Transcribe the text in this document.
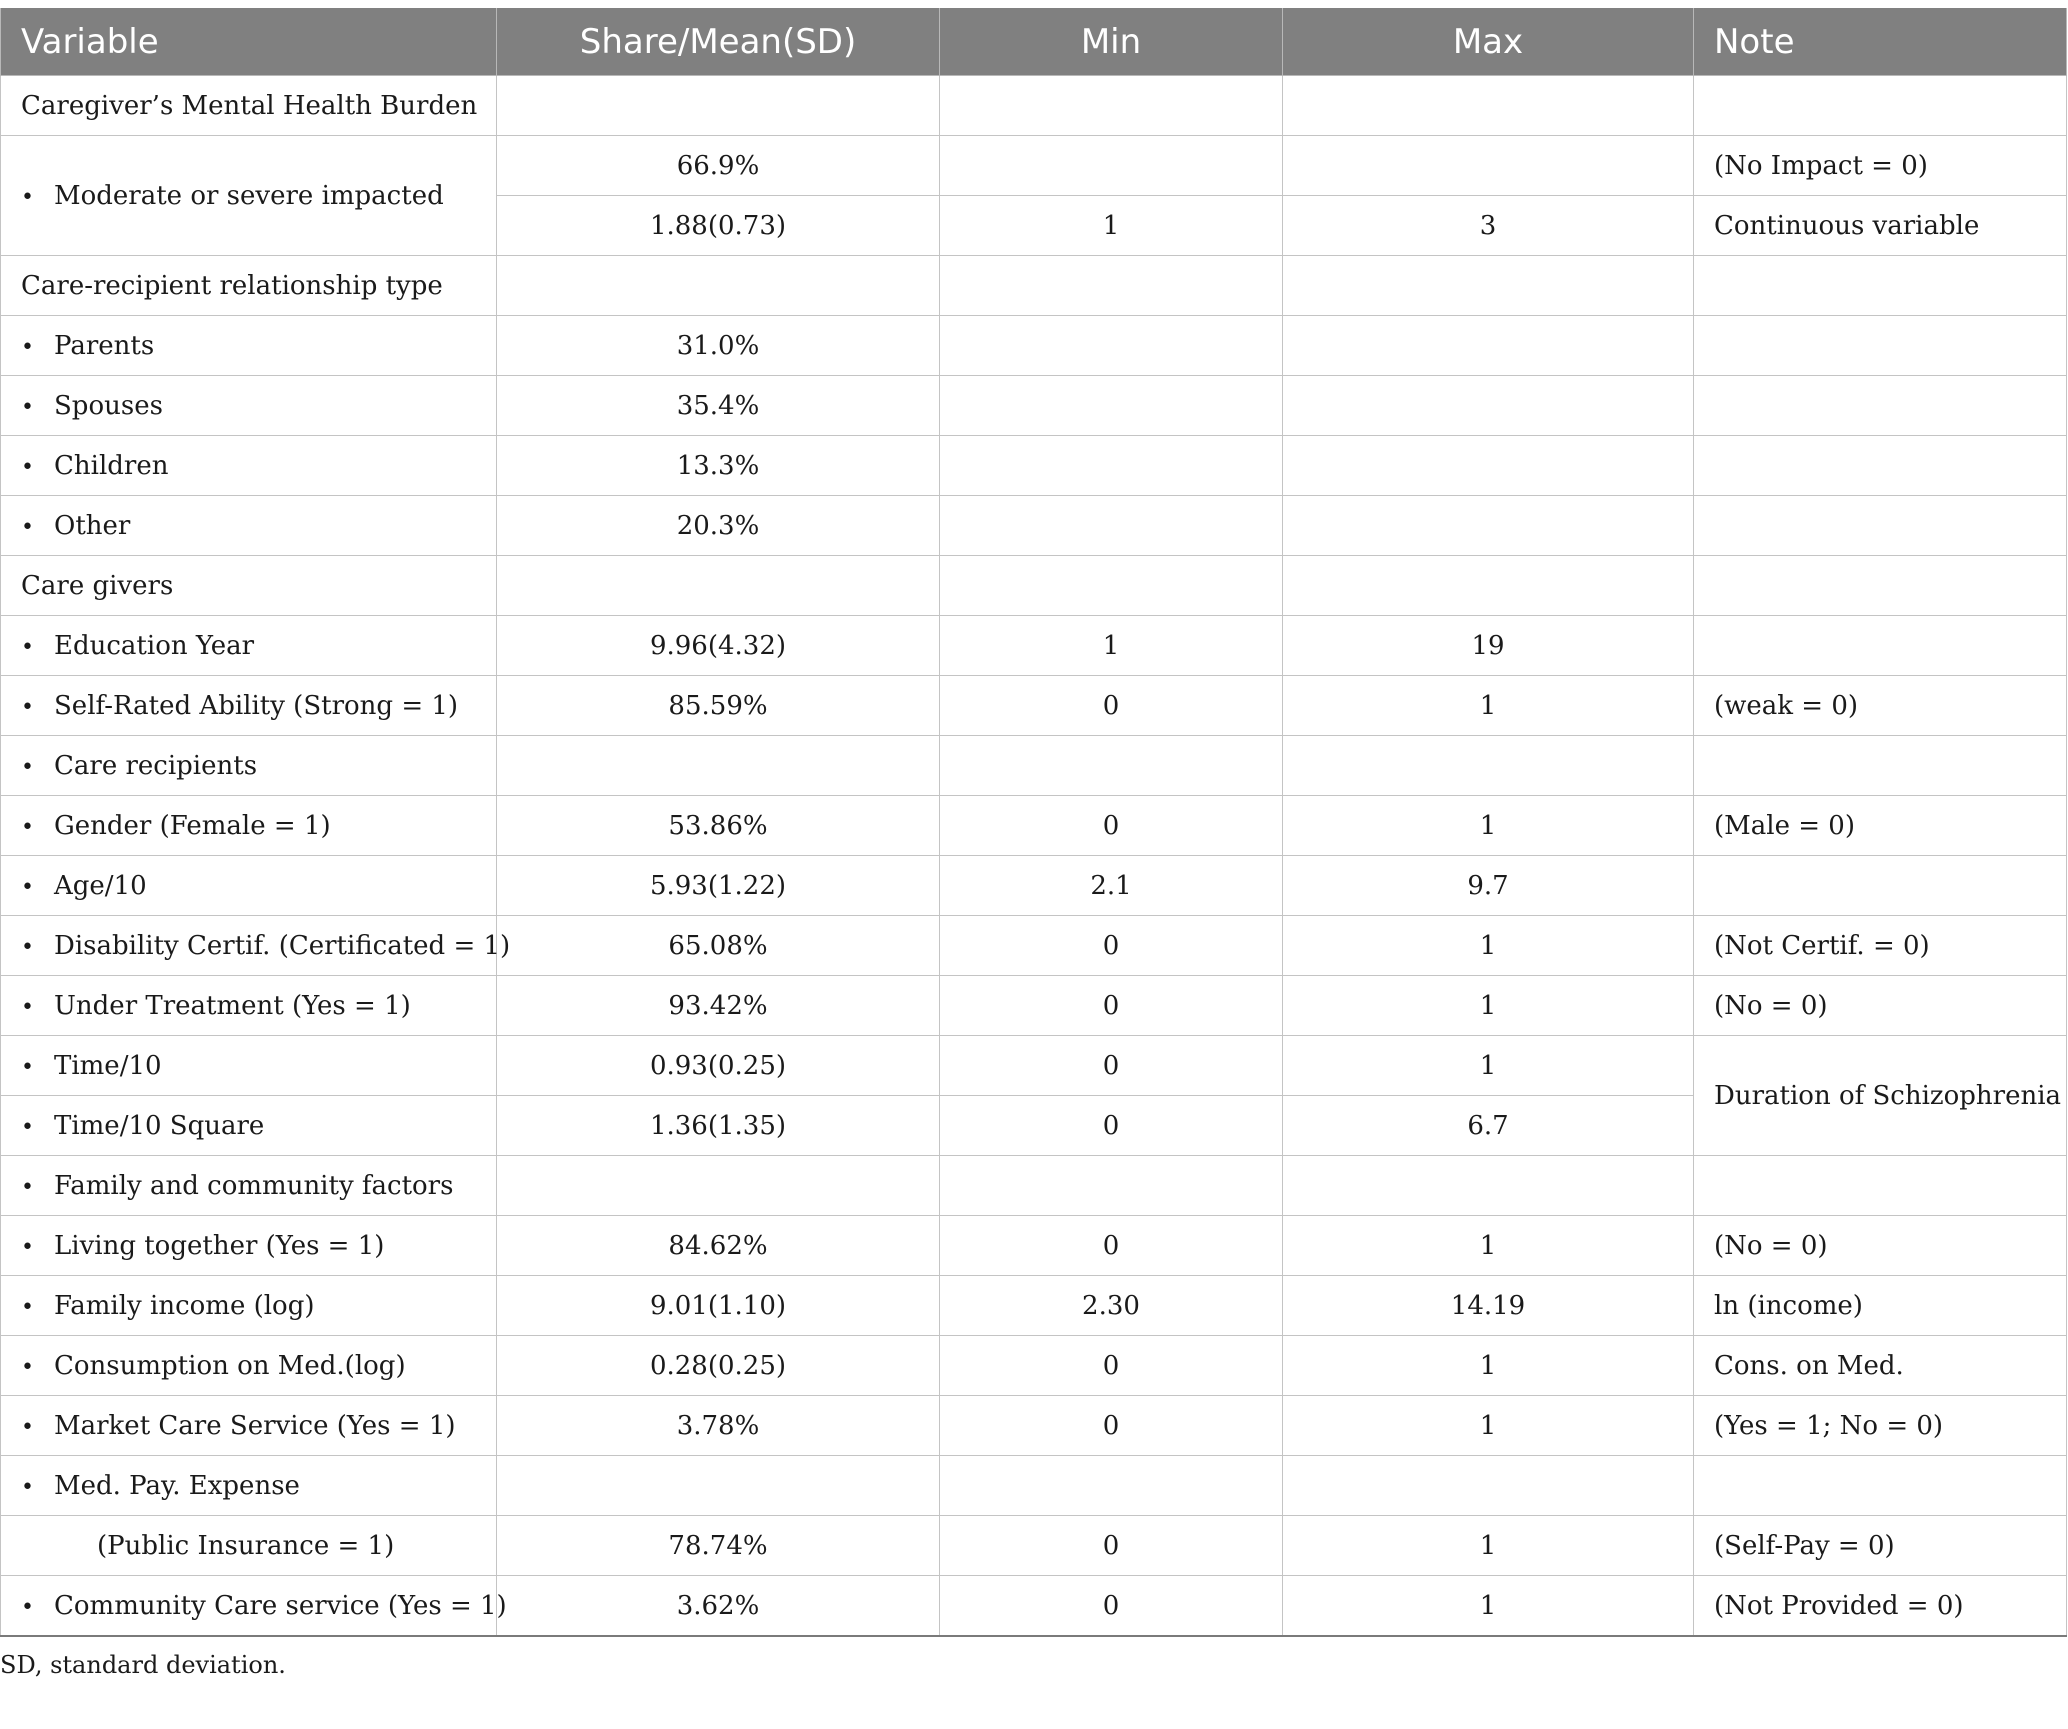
Variable	Share/Mean(SD)	Min	Max	Note
Caregiver’s Mental Health Burden				
• Moderate or severe impacted	66.9%			(No Impact = 0)
	1.88(0.73)	1	3	Continuous variable
Care-recipient relationship type				
• Parents	31.0%			
• Spouses	35.4%			
• Children	13.3%			
• Other	20.3%			
Care givers				
• Education Year	9.96(4.32)	1	19	
• Self-Rated Ability (Strong = 1)	85.59%	0	1	(weak = 0)
• Care recipients				
• Gender (Female = 1)	53.86%	0	1	(Male = 0)
• Age/10	5.93(1.22)	2.1	9.7	
• Disability Certif. (Certificated = 1)	65.08%	0	1	(Not Certif. = 0)
• Under Treatment (Yes = 1)	93.42%	0	1	(No = 0)
• Time/10	0.93(0.25)	0	1	Duration of Schizophrenia
• Time/10 Square	1.36(1.35)	0	6.7	
• Family and community factors				
• Living together (Yes = 1)	84.62%	0	1	(No = 0)
• Family income (log)	9.01(1.10)	2.30	14.19	ln (income)
• Consumption on Med.(log)	0.28(0.25)	0	1	Cons. on Med.
• Market Care Service (Yes = 1)	3.78%	0	1	(Yes = 1; No = 0)
• Med. Pay. Expense				
(Public Insurance = 1)	78.74%	0	1	(Self-Pay = 0)
• Community Care service (Yes = 1)	3.62%	0	1	(Not Provided = 0)

SD, standard deviation.
